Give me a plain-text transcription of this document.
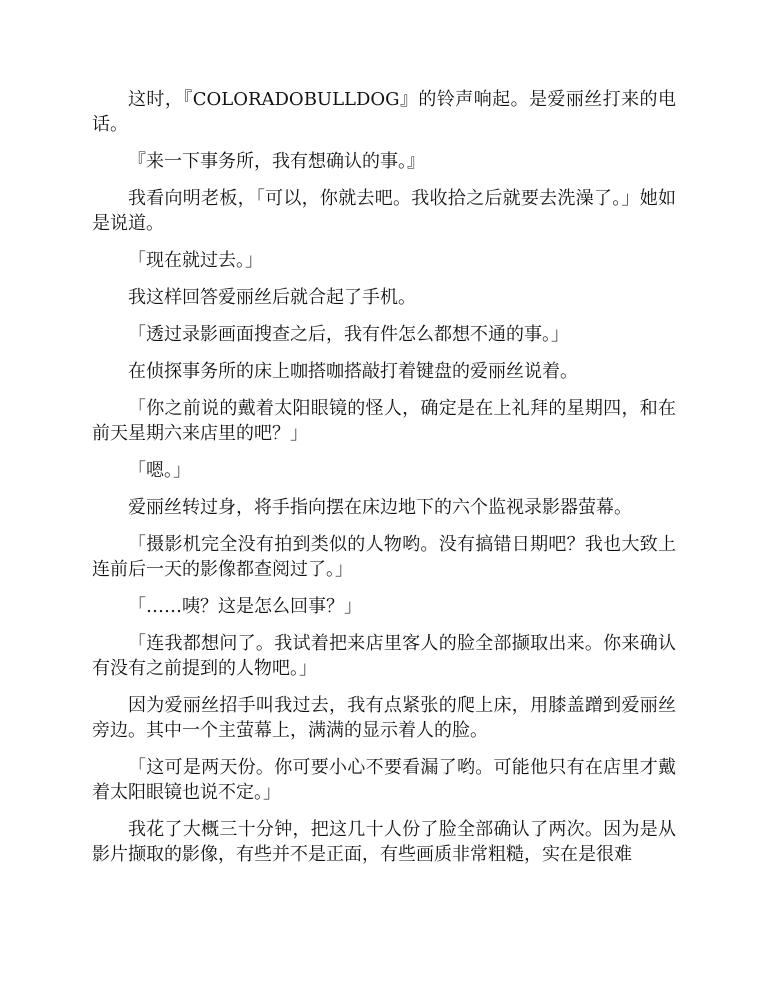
这时，『COLORADOBULLDOG』的铃声响起。是爱丽丝打来的电话。

『来一下事务所，我有想确认的事。』

我看向明老板，「可以，你就去吧。我收拾之后就要去洗澡了。」她如是说道。

「现在就过去。」

我这样回答爱丽丝后就合起了手机。

「透过录影画面搜查之后，我有件怎么都想不通的事。」

在侦探事务所的床上咖搭咖搭敲打着键盘的爱丽丝说着。

「你之前说的戴着太阳眼镜的怪人，确定是在上礼拜的星期四，和在前天星期六来店里的吧？」

「嗯。」

爱丽丝转过身，将手指向摆在床边地下的六个监视录影器萤幕。

「摄影机完全没有拍到类似的人物哟。没有搞错日期吧？我也大致上连前后一天的影像都查阅过了。」

「……咦？这是怎么回事？」

「连我都想问了。我试着把来店里客人的脸全部撷取出来。你来确认有没有之前提到的人物吧。」

因为爱丽丝招手叫我过去，我有点紧张的爬上床，用膝盖蹭到爱丽丝旁边。其中一个主萤幕上，满满的显示着人的脸。

「这可是两天份。你可要小心不要看漏了哟。可能他只有在店里才戴着太阳眼镜也说不定。」

我花了大概三十分钟，把这几十人份了脸全部确认了两次。因为是从影片撷取的影像，有些并不是正面，有些画质非常粗糙，实在是很难
